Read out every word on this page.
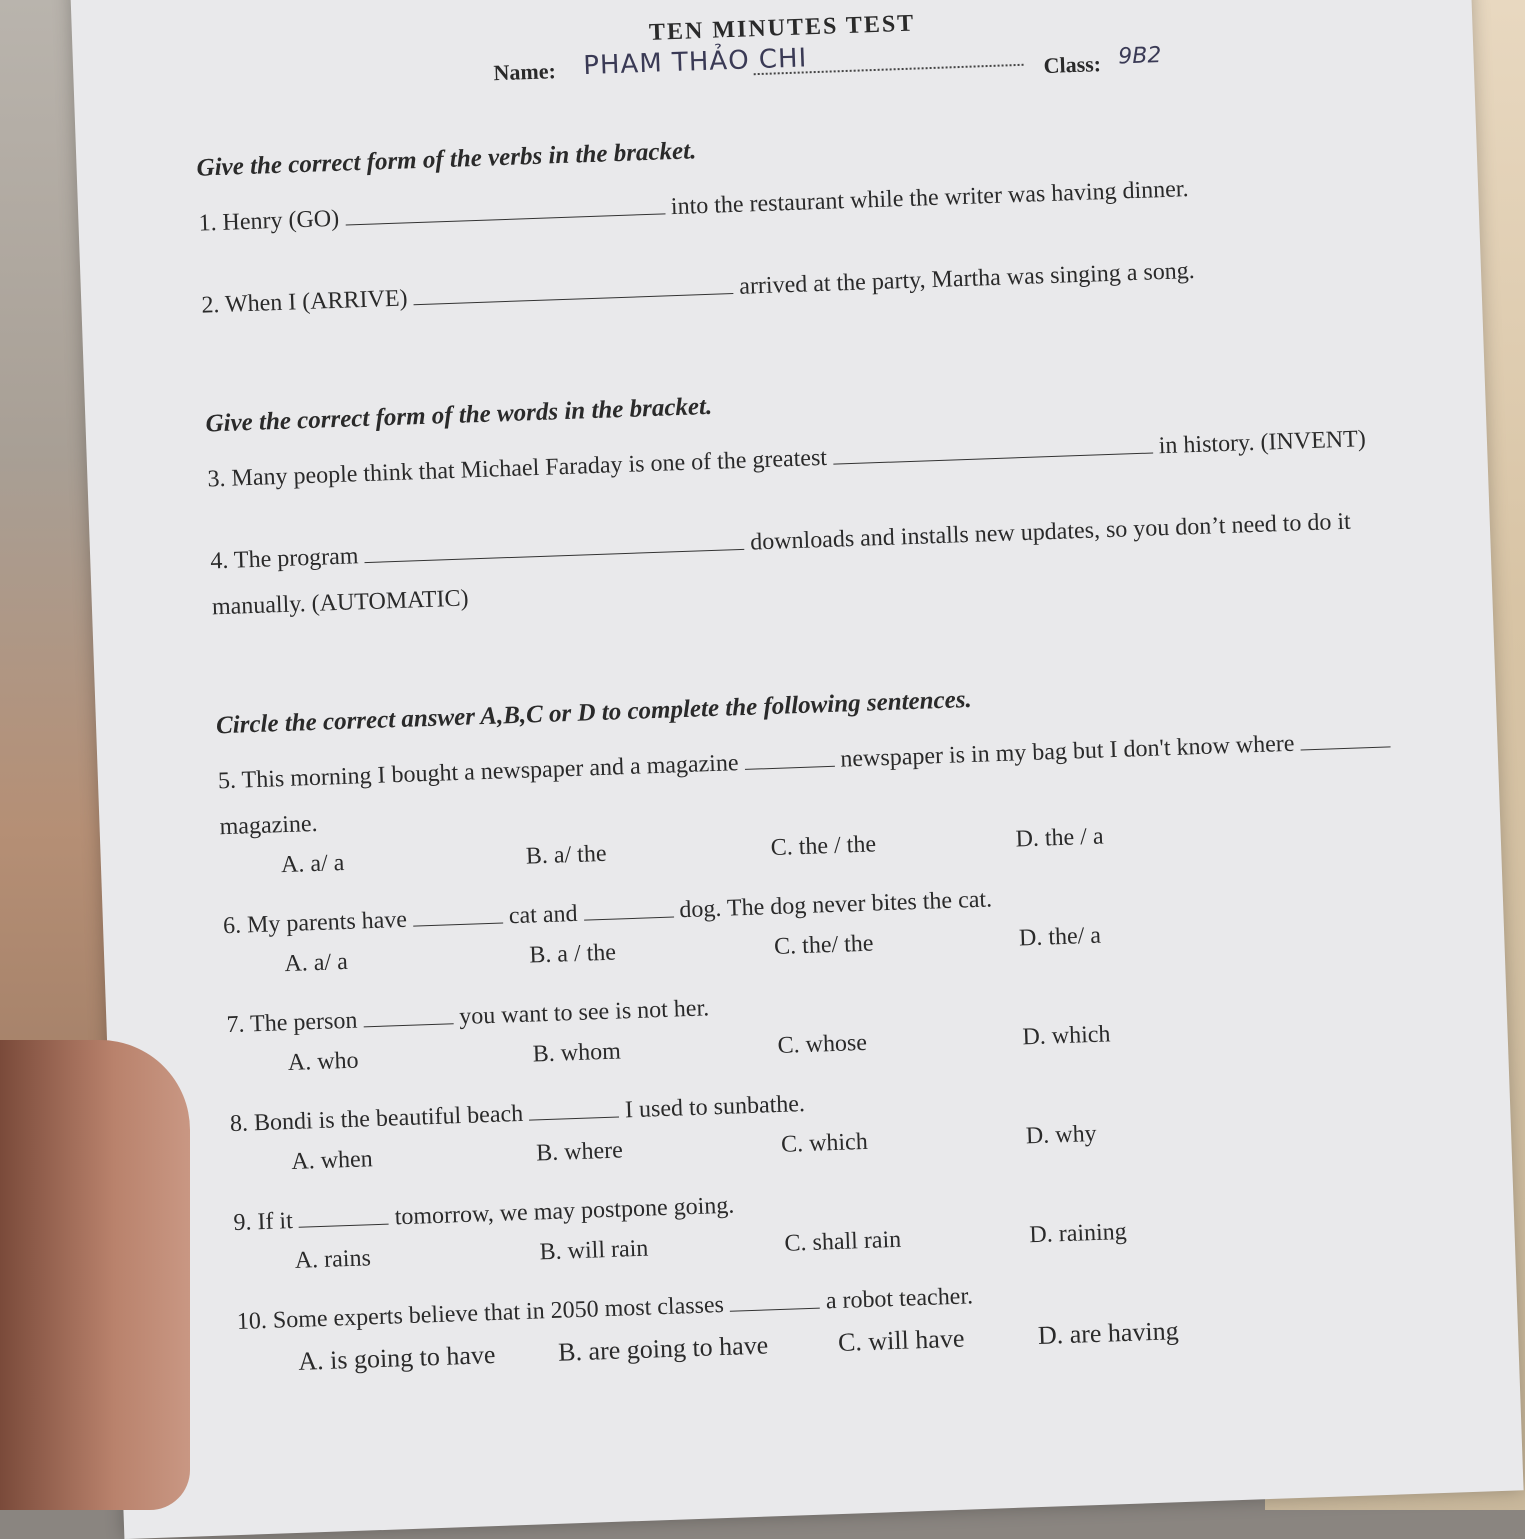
TEN MINUTES TEST
Name: PHAM THẢO CHI	Class: 9B2
Give the correct form of the verbs in the bracket.
1. Henry (GO)  into the restaurant while the writer was having dinner.
2. When I (ARRIVE)  arrived at the party, Martha was singing a song.
Give the correct form of the words in the bracket.
3. Many people think that Michael Faraday is one of the greatest  in history. (INVENT)
4. The program  downloads and installs new updates, so you don’t need to do it manually. (AUTOMATIC)
Circle the correct answer A,B,C or D to complete the following sentences.
5. This morning I bought a newspaper and a magazine	newspaper is in my bag but I don't know where  magazine.
A. a/ a	B. a/ the	C. the / the	D. the / a
6. My parents have	cat and	dog. The dog never bites the cat.
A. a/ a	B. a / the	C. the/ the	D. the/ a
7. The person	you want to see is not her.
A. who	B. whom	C. whose	D. which
8. Bondi is the beautiful beach	I used to sunbathe.
A. when	B. where	C. which	D. why
9. If it	tomorrow, we may postpone going.
A. rains	B. will rain	C. shall rain	D. raining
10. Some experts believe that in 2050 most classes	a robot teacher.
A. is going to have	B. are going to have	C. will have	D. are having
